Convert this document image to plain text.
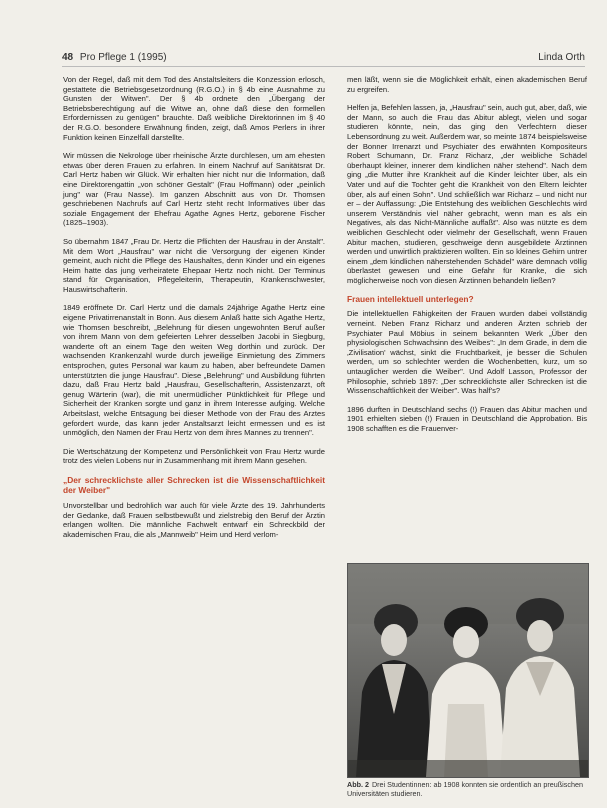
48 Pro Pflege 1 (1995)	Linda Orth

Von der Regel, daß mit dem Tod des Anstaltsleiters die Konzession erlosch, gestattete die Betriebsgesetzordnung (R.G.O.) in § 4b eine Ausnahme zu Gunsten der Witwen". Der § 4b ordnete den „Übergang der Betriebsberechtigung auf die Witwe an, ohne daß diese den formellen Erfordernissen zu genügen" brauchte. Daß weibliche Direktorinnen im § 40 der R.G.O. besondere Erwähnung finden, zeigt, daß Amos Perlers in ihrer Funktion keinen Einzelfall darstellte.

Wir müssen die Nekrologe über rheinische Ärzte durchlesen, um am ehesten etwas über deren Frauen zu erfahren. In einem Nachruf auf Sanitätsrat Dr. Carl Hertz haben wir Glück. Wir erhalten hier nicht nur die Information, daß eine Direktorengattin „von schöner Gestalt" (Frau Hoffmann) oder „peinlich jung" war (Frau Nasse). Im ganzen Abschnitt aus von Dr. Thomsen geschriebenen Nachrufs auf Carl Hertz steht recht Informatives über das soziale Engagement der Ehefrau Agathe Agnes Hertz, geborene Fischer (1825–1903).

So übernahm 1847 „Frau Dr. Hertz die Pflichten der Hausfrau in der Anstalt". Mit dem Wort „Hausfrau" war nicht die Versorgung der eigenen Kinder gemeint, auch nicht die Pflege des Haushaltes, denn Kinder und ein eigenes Heim hatte das jung verheiratete Ehepaar Hertz noch nicht. Der Terminus stand für Organisation, Pflegeleiterin, Therapeutin, Krankenschwester, Hauswirtschafterin.

1849 eröffnete Dr. Carl Hertz und die damals 24jährige Agathe Hertz eine eigene Privatirrenanstalt in Bonn. Aus diesem Anlaß hatte sich Agathe Hertz, wie Thomsen beschreibt, „Belehrung für diesen ungewohnten Beruf außer von ihrem Mann von dem gefeierten Lehrer desselben Jacobi in Siegburg, wanderte oft an einem Tage den weiten Weg dorthin und zurück. Der wachsenden Krankenzahl wurde durch jeweilige Einmietung des Zimmers entsprochen, gutes Personal war kaum zu haben, aber befreundete Damen unterstützten die junge Hausfrau". Diese „Belehrung" und Ausbildung führten dazu, daß Frau Hertz bald „Hausfrau, Gesellschafterin, Assistenzarzt, oft genug Wärterin (war), die mit unermüdlicher Pünktlichkeit für Pflege und Sicherheit der Kranken sorgte und ganz in ihrem Interesse aufging. Welche Arbeitslast, welche Entsagung bei dieser Methode von der Frau des Arztes gefordert wurde, das kann jeder Anstaltsarzt leicht ermessen und es ist unmöglich, den Namen der Frau Hertz von dem ihres Mannes zu trennen".

Die Wertschätzung der Kompetenz und Persönlichkeit von Frau Hertz wurde trotz des vielen Lobens nur in Zusammenhang mit ihrem Mann gesehen.

„Der schrecklichste aller Schrecken ist die Wissenschaftlichkeit der Weiber"

Unvorstellbar und bedrohlich war auch für viele Ärzte des 19. Jahrhunderts der Gedanke, daß Frauen selbstbewußt und zielstrebig den Beruf der Ärztin erlangen wollten. Die männliche Fachwelt entwarf ein Schreckbild der akademischen Frau, die als „Mannweib" Heim und Herd verlom-

men läßt, wenn sie die Möglichkeit erhält, einen akademischen Beruf zu ergreifen.

Helfen ja, Befehlen lassen, ja, „Hausfrau" sein, auch gut, aber, daß, wie der Mann, so auch die Frau das Abitur ablegt, vielen und sogar studieren könnte, nein, das ging den Verfechtern dieser Lebensordnung zu weit. Außerdem war, so meinte 1874 beispielsweise der Bonner Irrenarzt und Psychiater des erwähnten Kompositeurs Robert Schumann, Dr. Franz Richarz, „der weibliche Schädel überhaupt kleiner, innerer dem kindlichen näher stehend". Nach dem ging „die Mutter ihre Krankheit auf die Kinder leichter über, als ein Vater und auf die Tochter geht die Krankheit von den Eltern leichter über, als auf einen Sohn". Und schließlich war Richarz – und nicht nur er – der Auffassung: „Die Entstehung des weiblichen Geschlechts wird unserem Verständnis viel näher gebracht, wenn man es als ein Negatives, als das Nicht-Männliche auffaßt". Also was nützte es dem weiblichen Geschlecht oder vielmehr der Gesellschaft, wenn Frauen Abitur machen, studieren, geschweige denn ausgebildete Ärztinnen werden und unwirtlich praktizieren wollten. Ein so kleines Gehirn untrer einem „dem kindlichen näherstehenden Schädel" wäre demnach völlig überlastet gewesen und eine Gefahr für Kranke, die sich möglicherweise noch von diesen Ärztinnen behandeln ließen?

Frauen intellektuell unterlegen?

Die intellektuellen Fähigkeiten der Frauen wurden dabei vollständig verneint. Neben Franz Richarz und anderen Ärzten schrieb der Psychiater Paul Möbius in seinem bekannten Werk „Über den physiologischen Schwachsinn des Weibes": „In dem Grade, in dem die ‚Zivilisation' wächst, sinkt die Fruchtbarkeit, je besser die Schulen werden, um so schlechter werden die Wochenbetten, kurz, um so untauglicher werden die Weiber". Und Adolf Lasson, Professor der Philosophie, schrieb 1897: „Der schrecklichste aller Schrecken ist die Wissenschaftlichkeit der Weiber". Was half's?

1896 durften in Deutschland sechs (!) Frauen das Abitur machen und 1901 erhielten sieben (!) Frauen in Deutschland die Approbation. Bis 1908 schafften es die Frauenver-

Abb. 2 Drei Studentinnen: ab 1908 konnten sie ordentlich an preußischen Universitäten studieren.
